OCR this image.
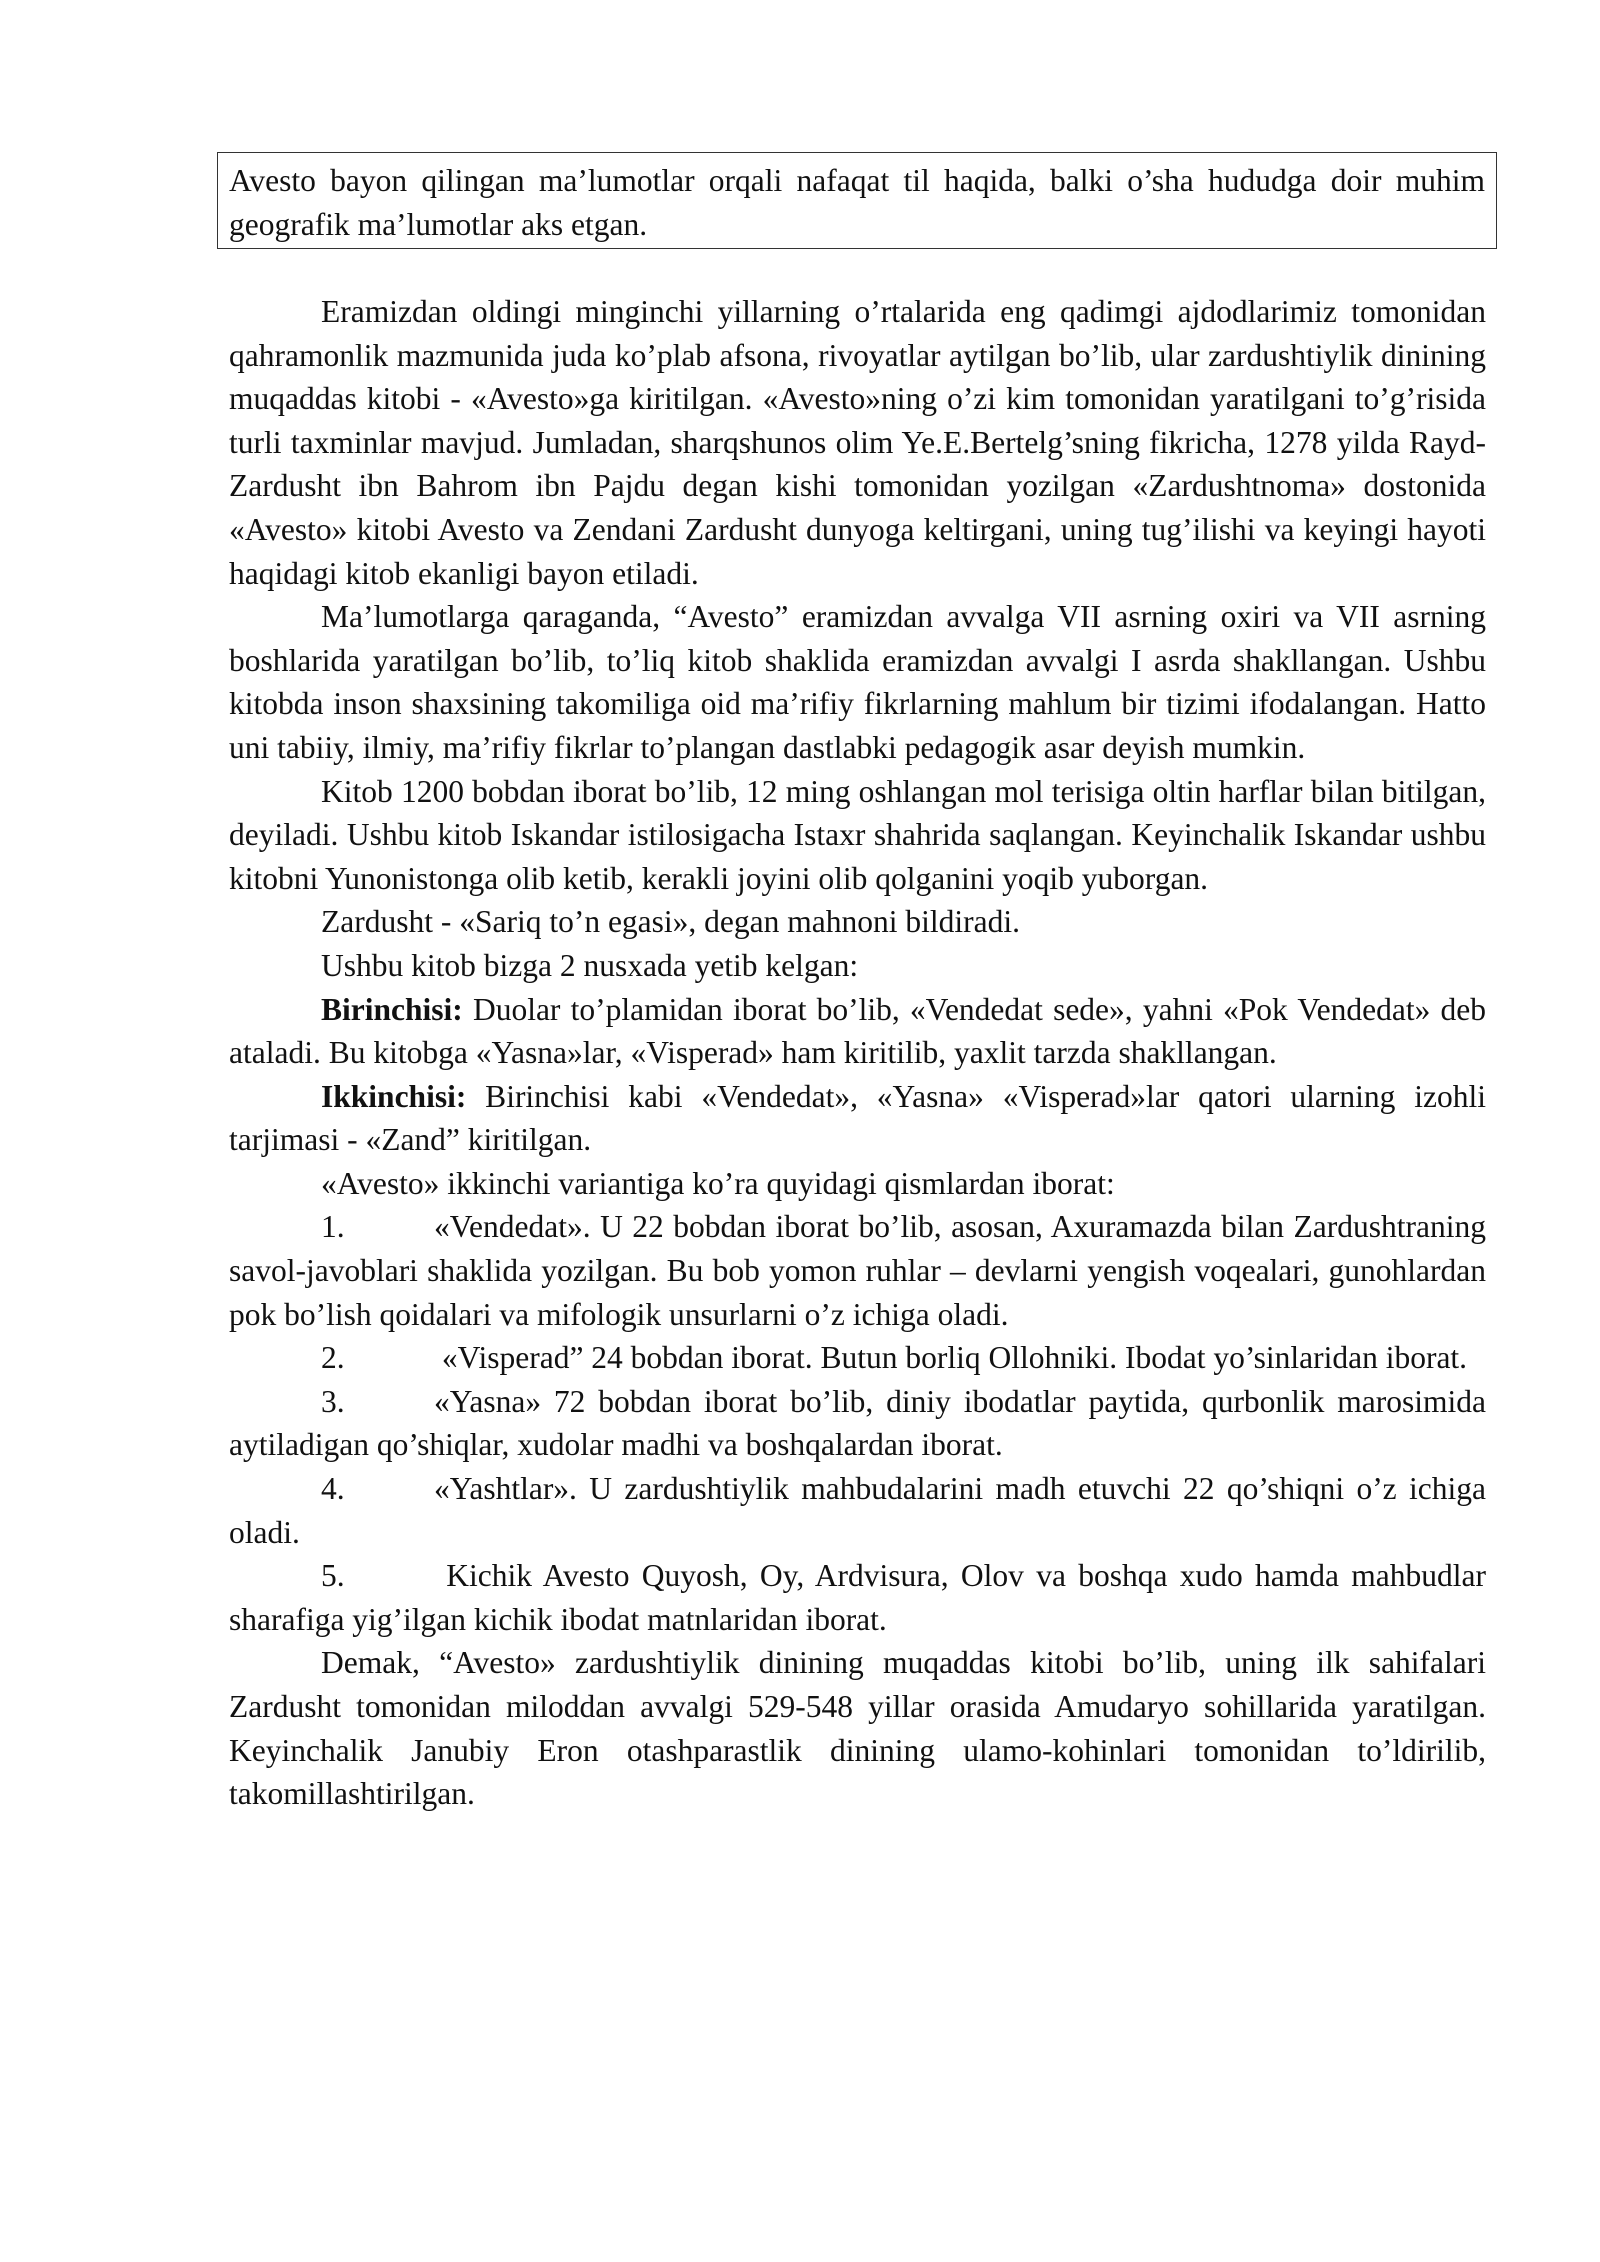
Avesto bayon qilingan ma’lumotlar orqali nafaqat til haqida, balki o’sha hududga doir muhim geografik ma’lumotlar aks etgan.

Eramizdan oldingi minginchi yillarning o’rtalarida eng qadimgi ajdodlarimiz tomonidan qahramonlik mazmunida juda ko’plab afsona, rivoyatlar aytilgan bo’lib, ular zardushtiylik dinining muqaddas kitobi - «Avesto»ga kiritilgan. «Avesto»ning o’zi kim tomonidan yaratilgani to’g’risida turli taxminlar mavjud. Jumladan, sharqshunos olim Ye.E.Bertelg’sning fikricha, 1278 yilda Rayd-Zardusht ibn Bahrom ibn Pajdu degan kishi tomonidan yozilgan «Zardushtnoma» dostonida «Avesto» kitobi Avesto va Zendani Zardusht dunyoga keltirgani, uning tug’ilishi va keyingi hayoti haqidagi kitob ekanligi bayon etiladi.

Ma’lumotlarga qaraganda, “Avesto” eramizdan avvalga VII asrning oxiri va VII asrning boshlarida yaratilgan bo’lib, to’liq kitob shaklida eramizdan avvalgi I asrda shakllangan. Ushbu kitobda inson shaxsining takomiliga oid ma’rifiy fikrlarning mahlum bir tizimi ifodalangan. Hatto uni tabiiy, ilmiy, ma’rifiy fikrlar to’plangan dastlabki pedagogik asar deyish mumkin.

Kitob 1200 bobdan iborat bo’lib, 12 ming oshlangan mol terisiga oltin harflar bilan bitilgan, deyiladi. Ushbu kitob Iskandar istilosigacha Istaxr shahrida saqlangan. Keyinchalik Iskandar ushbu kitobni Yunonistonga olib ketib, kerakli joyini olib qolganini yoqib yuborgan.

Zardusht - «Sariq to’n egasi», degan mahnoni bildiradi.

Ushbu kitob bizga 2 nusxada yetib kelgan:

Birinchisi: Duolar to’plamidan iborat bo’lib, «Vendedat sede», yahni «Pok Vendedat» deb ataladi. Bu kitobga «Yasna»lar, «Visperad» ham kiritilib, yaxlit tarzda shakllangan.

Ikkinchisi: Birinchisi kabi «Vendedat», «Yasna» «Visperad»lar qatori ularning izohli tarjimasi - «Zand” kiritilgan.

«Avesto» ikkinchi variantiga ko’ra quyidagi qismlardan iborat:

1.	«Vendedat». U 22 bobdan iborat bo’lib, asosan, Axuramazda bilan Zardushtraning savol-javoblari shaklida yozilgan. Bu bob yomon ruhlar – devlarni yengish voqealari, gunohlardan pok bo’lish qoidalari va mifologik unsurlarni o’z ichiga oladi.

2.	«Visperad” 24 bobdan iborat. Butun borliq Ollohniki. Ibodat yo’sinlaridan iborat.

3.	«Yasna» 72 bobdan iborat bo’lib, diniy ibodatlar paytida, qurbonlik marosimida aytiladigan qo’shiqlar, xudolar madhi va boshqalardan iborat.

4.	«Yashtlar». U zardushtiylik mahbudalarini madh etuvchi 22 qo’shiqni o’z ichiga oladi.

5.	Kichik Avesto Quyosh, Oy, Ardvisura, Olov va boshqa xudo hamda mahbudlar sharafiga yig’ilgan kichik ibodat matnlaridan iborat.

Demak, “Avesto» zardushtiylik dinining muqaddas kitobi bo’lib, uning ilk sahifalari Zardusht tomonidan miloddan avvalgi 529-548 yillar orasida Amudaryo sohillarida yaratilgan. Keyinchalik Janubiy Eron otashparastlik dinining ulamo-kohinlari tomonidan to’ldirilib, takomillashtirilgan.
